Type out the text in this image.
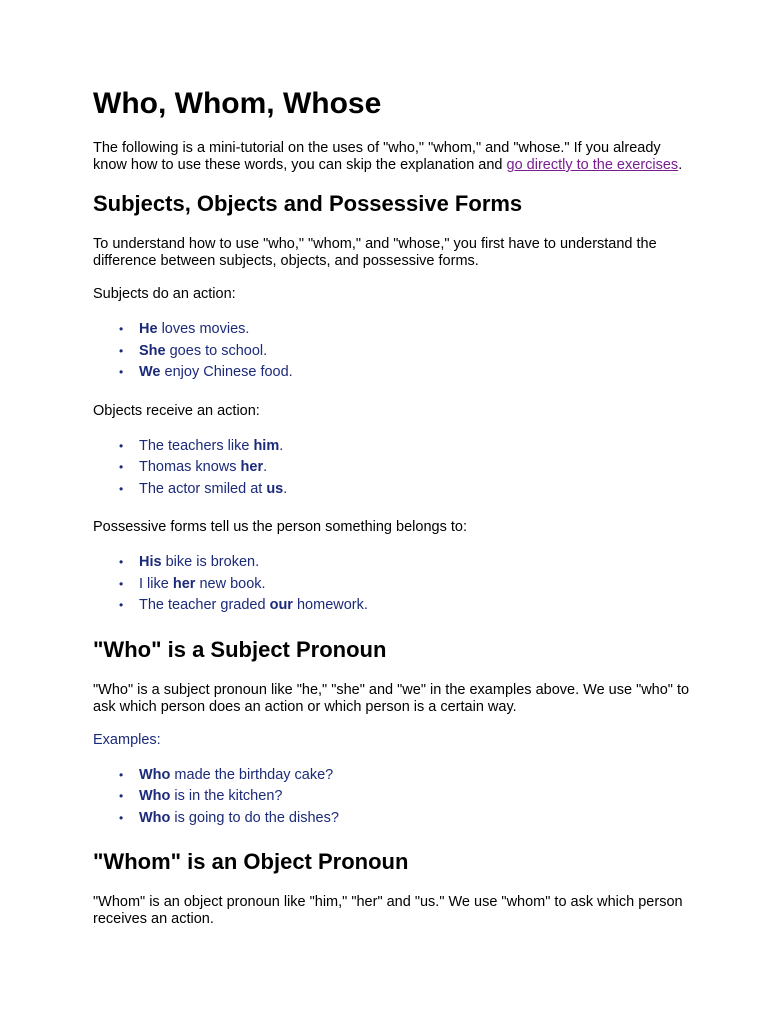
Who, Whom, Whose

The following is a mini-tutorial on the uses of "who," "whom," and "whose." If you already know how to use these words, you can skip the explanation and go directly to the exercises.

Subjects, Objects and Possessive Forms

To understand how to use "who," "whom," and "whose," you first have to understand the difference between subjects, objects, and possessive forms.

Subjects do an action:

• He loves movies.
• She goes to school.
• We enjoy Chinese food.

Objects receive an action:

• The teachers like him.
• Thomas knows her.
• The actor smiled at us.

Possessive forms tell us the person something belongs to:

• His bike is broken.
• I like her new book.
• The teacher graded our homework.
"Who" is a Subject Pronoun

"Who" is a subject pronoun like "he," "she" and "we" in the examples above. We use "who" to ask which person does an action or which person is a certain way.

Examples:

• Who made the birthday cake?
• Who is in the kitchen?
• Who is going to do the dishes?
"Whom" is an Object Pronoun

"Whom" is an object pronoun like "him," "her" and "us." We use "whom" to ask which person receives an action.
